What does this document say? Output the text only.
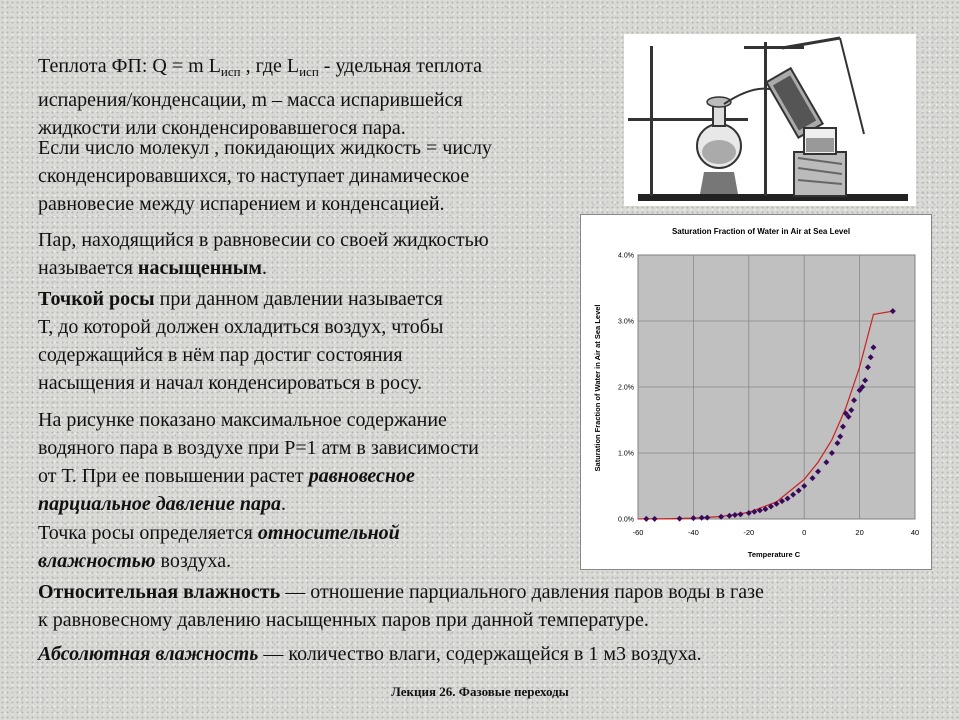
Теплота ФП: Q = m $L_{исп}$ , где $L_{исп}$ - удельная теплота
испарения/конденсации, m – масса испарившейся
жидкости или сконденсировавшегося пара.

Если число молекул , покидающих жидкость = числу
сконденсировавшихся, то наступает динамическое
равновесие между испарением и конденсацией.

Пар, находящийся в равновесии со своей жидкостью
называется насыщенным.

Точкой росы при данном давлении называется
Т, до которой должен охладиться воздух, чтобы
содержащийся в нём пар достиг состояния
насыщения и начал конденсироваться в росу.

На рисунке показано максимальное содержание
водяного пара в воздухе при Р=1 атм в зависимости
от Т. При ее повышении растет равновесное
парциальное давление пара.

Точка росы определяется относительной
влажностью воздуха.

Относительная влажность — отношение парциального давления паров воды в газе
к равновесному давлению насыщенных паров при данной температуре.

Абсолютная влажность — количество влаги, содержащейся в 1 м3 воздуха.

Saturation Fraction of Water in Air at Sea Level
0.0%
1.0%
2.0%
3.0%
4.0%
-60	-40	-20	0	20	40
Temperature C
Saturation Fraction of Water in Air at Sea Level
Лекция 26. Фазовые переходы
